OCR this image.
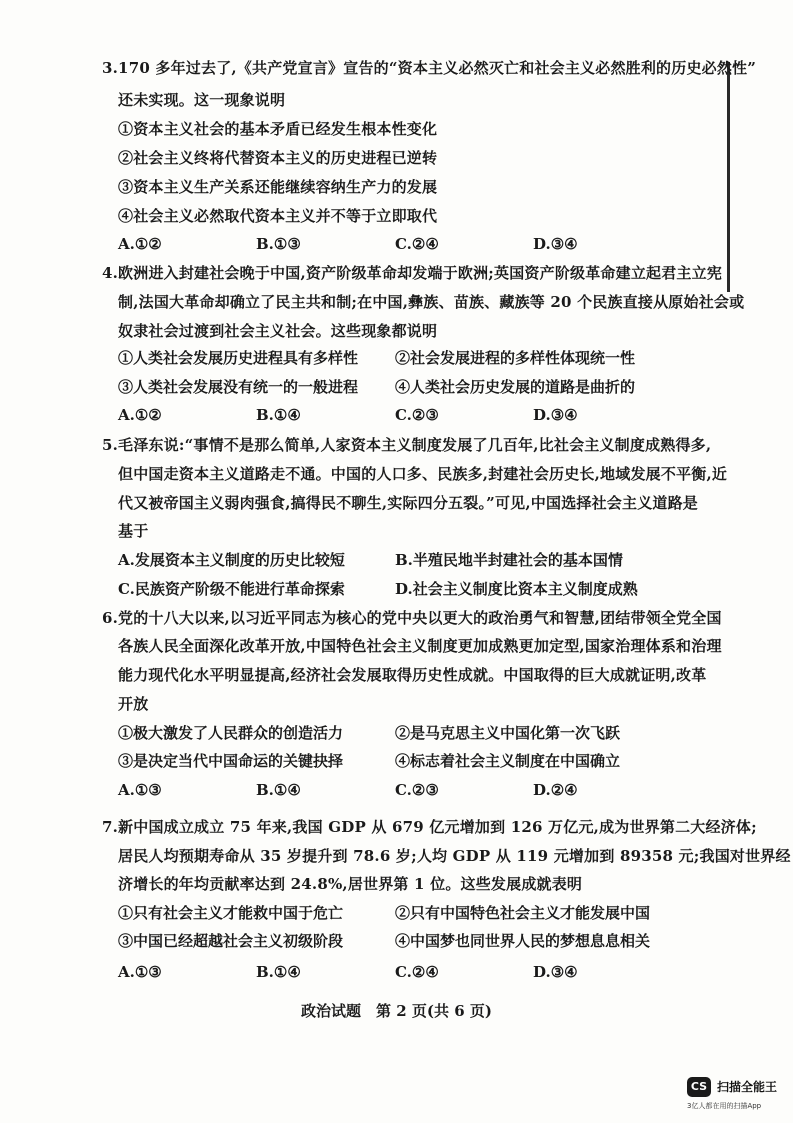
3.170 多年过去了,《共产党宣言》宣告的“资本主义必然灭亡和社会主义必然胜利的历史必然性”
还未实现。这一现象说明
①资本主义社会的基本矛盾已经发生根本性变化
②社会主义终将代替资本主义的历史进程已逆转
③资本主义生产关系还能继续容纳生产力的发展
④社会主义必然取代资本主义并不等于立即取代
A.①②	B.①③	C.②④	D.③④
4.欧洲进入封建社会晚于中国,资产阶级革命却发端于欧洲;英国资产阶级革命建立起君主立宪
制,法国大革命却确立了民主共和制;在中国,彝族、苗族、藏族等 20 个民族直接从原始社会或
奴隶社会过渡到社会主义社会。这些现象都说明
①人类社会发展历史进程具有多样性 ②社会发展进程的多样性体现统一性
③人类社会发展没有统一的一般进程 ④人类社会历史发展的道路是曲折的
A.①②	B.①④	C.②③	D.③④
5.毛泽东说:“事情不是那么简单,人家资本主义制度发展了几百年,比社会主义制度成熟得多,
但中国走资本主义道路走不通。中国的人口多、民族多,封建社会历史长,地域发展不平衡,近
代又被帝国主义弱肉强食,搞得民不聊生,实际四分五裂。”可见,中国选择社会主义道路是
基于
A.发展资本主义制度的历史比较短	B.半殖民地半封建社会的基本国情
C.民族资产阶级不能进行革命探索	D.社会主义制度比资本主义制度成熟
6.党的十八大以来,以习近平同志为核心的党中央以更大的政治勇气和智慧,团结带领全党全国
各族人民全面深化改革开放,中国特色社会主义制度更加成熟更加定型,国家治理体系和治理
能力现代化水平明显提高,经济社会发展取得历史性成就。中国取得的巨大成就证明,改革
开放
①极大激发了人民群众的创造活力	②是马克思主义中国化第一次飞跃
③是决定当代中国命运的关键抉择	④标志着社会主义制度在中国确立
A.①③	B.①④	C.②③	D.②④
7.新中国成立成立 75 年来,我国 GDP 从 679 亿元增加到 126 万亿元,成为世界第二大经济体;
居民人均预期寿命从 35 岁提升到 78.6 岁;人均 GDP 从 119 元增加到 89358 元;我国对世界经
济增长的年均贡献率达到 24.8%,居世界第 1 位。这些发展成就表明
①只有社会主义才能救中国于危亡	②只有中国特色社会主义才能发展中国
③中国已经超越社会主义初级阶段	④中国梦也同世界人民的梦想息息相关
A.①③	B.①④	C.②④	D.③④
政治试题　第 2 页(共 6 页)
CS 扫描全能王
3亿人都在用的扫描App
